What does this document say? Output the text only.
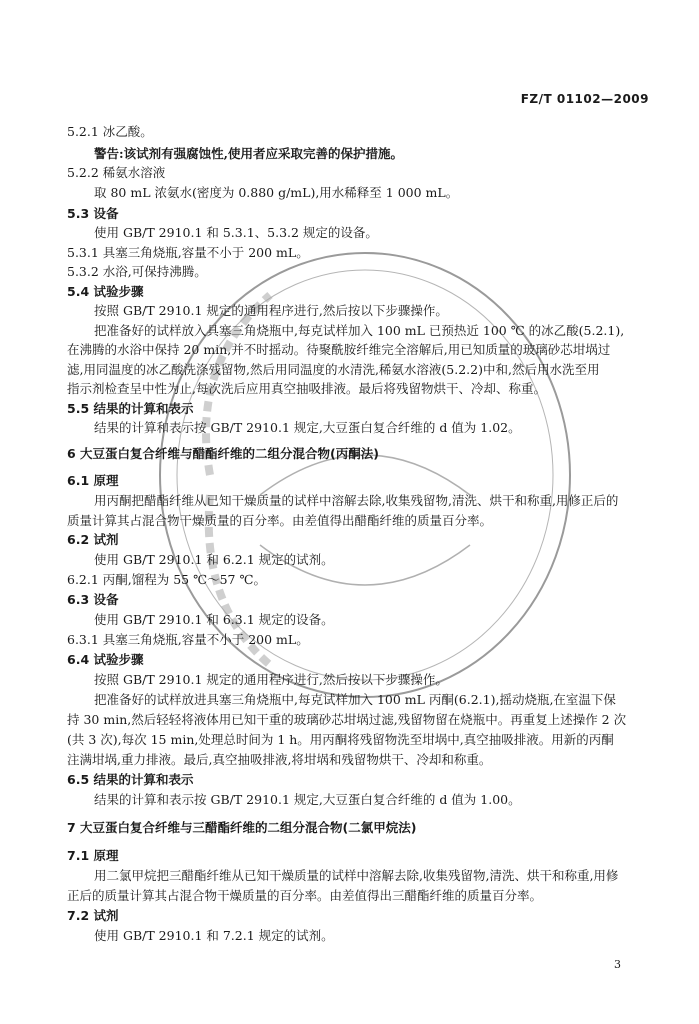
FZ/T 01102—2009
5.2.1 冰乙酸。
警告:该试剂有强腐蚀性,使用者应采取完善的保护措施。
5.2.2 稀氨水溶液
取 80 mL 浓氨水(密度为 0.880 g/mL),用水稀释至 1 000 mL。
5.3 设备
使用 GB/T 2910.1 和 5.3.1、5.3.2 规定的设备。
5.3.1 具塞三角烧瓶,容量不小于 200 mL。
5.3.2 水浴,可保持沸腾。
5.4 试验步骤
按照 GB/T 2910.1 规定的通用程序进行,然后按以下步骤操作。
把准备好的试样放入具塞三角烧瓶中,每克试样加入 100 mL 已预热近 100 ℃ 的冰乙酸(5.2.1),
在沸腾的水浴中保持 20 min,并不时摇动。待聚酰胺纤维完全溶解后,用已知质量的玻璃砂芯坩埚过
滤,用同温度的冰乙酸洗涤残留物,然后用同温度的水清洗,稀氨水溶液(5.2.2)中和,然后用水洗至用
指示剂检查呈中性为止,每次洗后应用真空抽吸排液。最后将残留物烘干、冷却、称重。
5.5 结果的计算和表示
结果的计算和表示按 GB/T 2910.1 规定,大豆蛋白复合纤维的 d 值为 1.02。
6 大豆蛋白复合纤维与醋酯纤维的二组分混合物(丙酮法)
6.1 原理
用丙酮把醋酯纤维从已知干燥质量的试样中溶解去除,收集残留物,清洗、烘干和称重,用修正后的
质量计算其占混合物干燥质量的百分率。由差值得出醋酯纤维的质量百分率。
6.2 试剂
使用 GB/T 2910.1 和 6.2.1 规定的试剂。
6.2.1 丙酮,馏程为 55 ℃～57 ℃。
6.3 设备
使用 GB/T 2910.1 和 6.3.1 规定的设备。
6.3.1 具塞三角烧瓶,容量不小于 200 mL。
6.4 试验步骤
按照 GB/T 2910.1 规定的通用程序进行,然后按以下步骤操作。
把准备好的试样放进具塞三角烧瓶中,每克试样加入 100 mL 丙酮(6.2.1),摇动烧瓶,在室温下保
持 30 min,然后轻轻将液体用已知干重的玻璃砂芯坩埚过滤,残留物留在烧瓶中。再重复上述操作 2 次
(共 3 次),每次 15 min,处理总时间为 1 h。用丙酮将残留物洗至坩埚中,真空抽吸排液。用新的丙酮
注满坩埚,重力排液。最后,真空抽吸排液,将坩埚和残留物烘干、冷却和称重。
6.5 结果的计算和表示
结果的计算和表示按 GB/T 2910.1 规定,大豆蛋白复合纤维的 d 值为 1.00。
7 大豆蛋白复合纤维与三醋酯纤维的二组分混合物(二氯甲烷法)
7.1 原理
用二氯甲烷把三醋酯纤维从已知干燥质量的试样中溶解去除,收集残留物,清洗、烘干和称重,用修
正后的质量计算其占混合物干燥质量的百分率。由差值得出三醋酯纤维的质量百分率。
7.2 试剂
使用 GB/T 2910.1 和 7.2.1 规定的试剂。
3
